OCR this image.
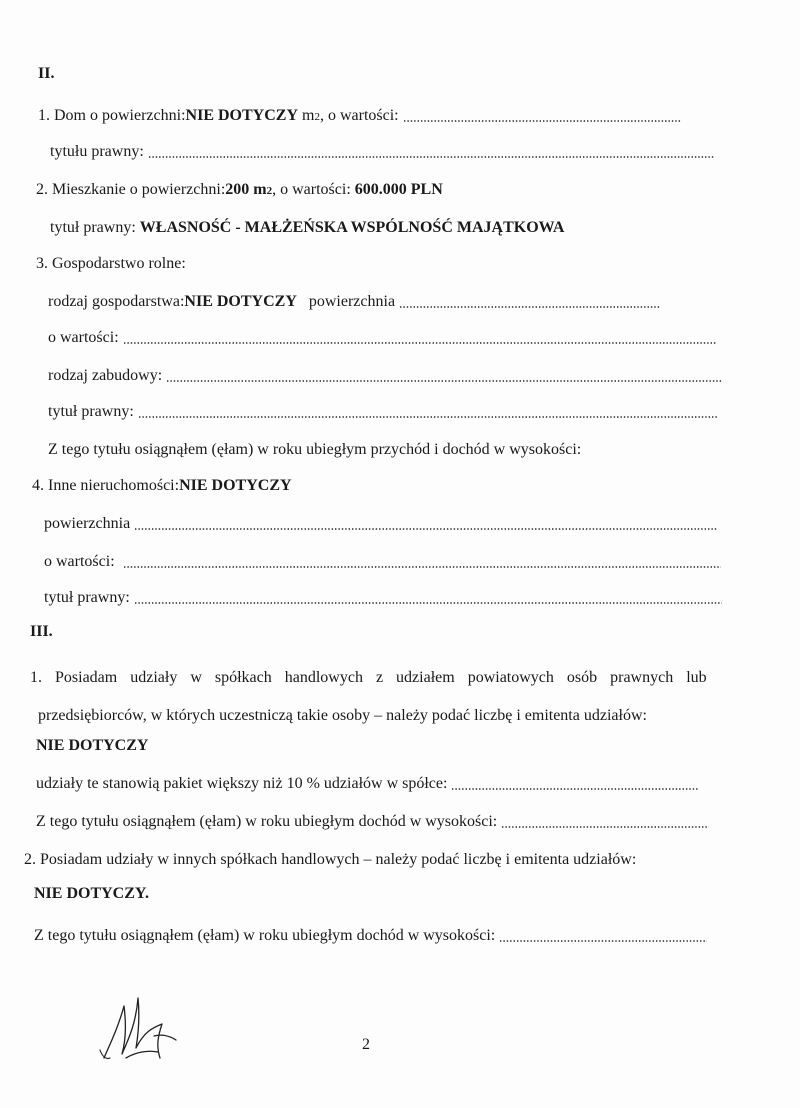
II.
1. Dom o powierzchni: NIE DOTYCZY
m 2 , o wartości:
tytułu prawny:
2. Mieszkanie o powierzchni: 200 m 2 , o wartości:
600.000 PLN
tytuł prawny:
WŁASNOŚĆ - MAŁŻEŃSKA WSPÓLNOŚĆ MAJĄTKOWA
3. Gospodarstwo rolne:
rodzaj gospodarstwa: NIE DOTYCZY
powierzchnia
o wartości:
rodzaj zabudowy:
tytuł prawny:
Z tego tytułu osiągnąłem (ęłam) w roku ubiegłym przychód i dochód w wysokości:
4. Inne nieruchomości: NIE DOTYCZY
powierzchnia
o wartości:

tytuł prawny:
III.
1. Posiadam udziały w spółkach handlowych z udziałem powiatowych osób prawnych lub
przedsiębiorców, w których uczestniczą takie osoby – należy podać liczbę i emitenta udziałów:
NIE DOTYCZY
udziały te stanowią pakiet większy niż 10 % udziałów w spółce:
Z tego tytułu osiągnąłem (ęłam) w roku ubiegłym dochód w wysokości:
2. Posiadam udziały w innych spółkach handlowych – należy podać liczbę i emitenta udziałów:
NIE DOTYCZY.
Z tego tytułu osiągnąłem (ęłam) w roku ubiegłym dochód w wysokości:
2
